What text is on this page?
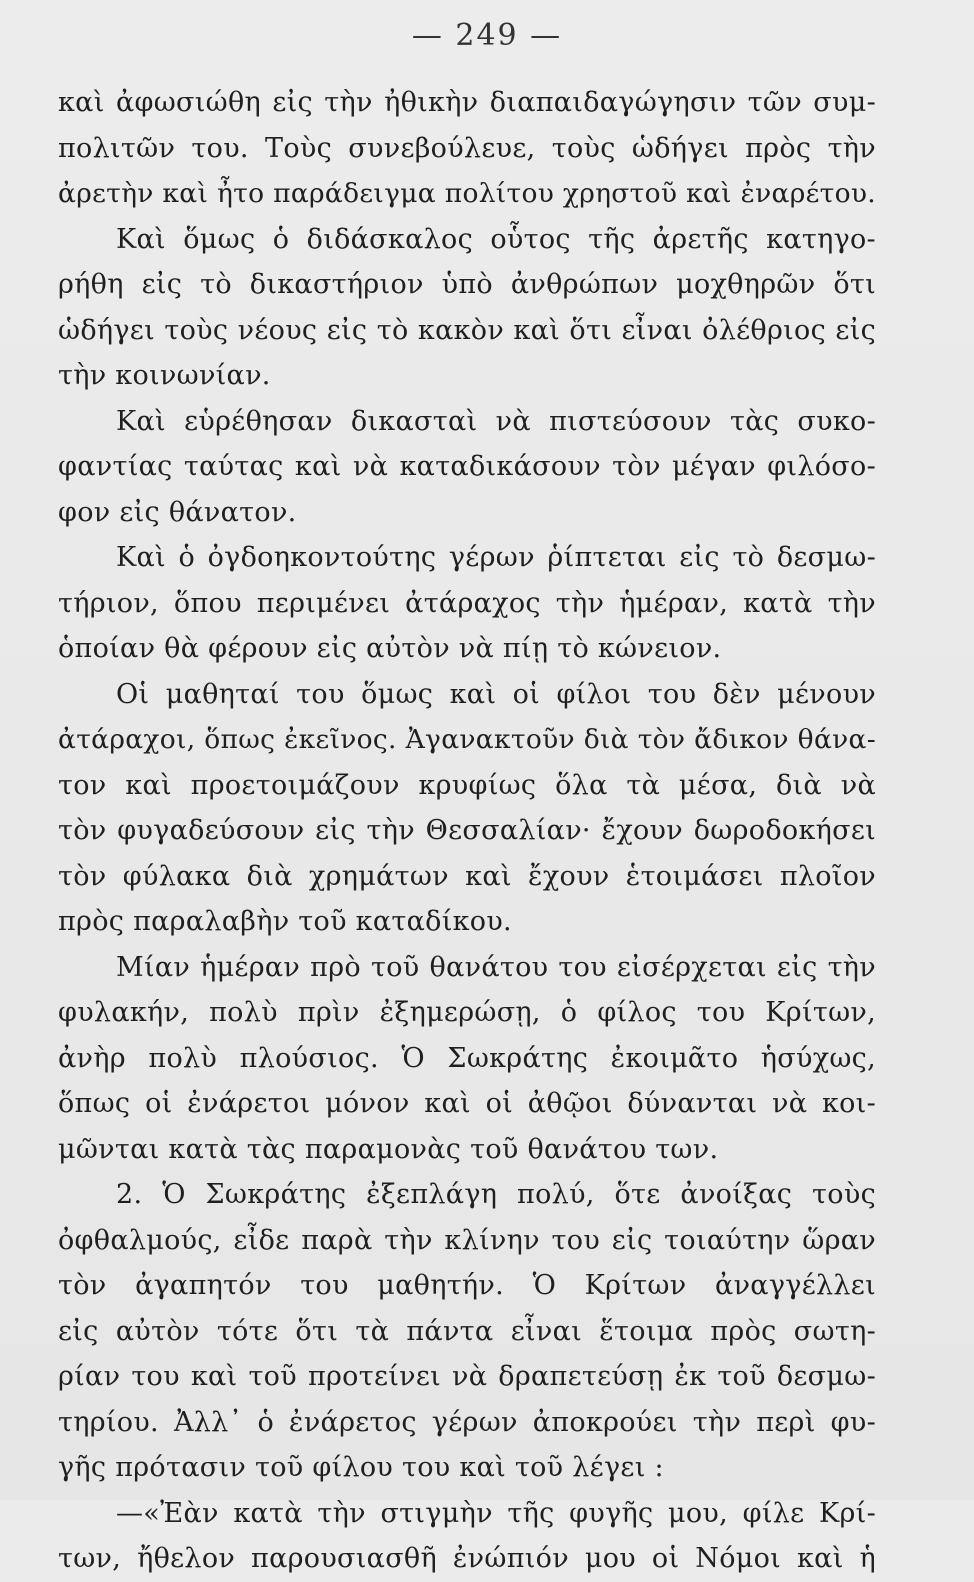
— 249 —
καὶ ἀφωσιώθη εἰς τὴν ἠθικὴν διαπαιδαγώγησιν τῶν συμ-
πολιτῶν του. Τοὺς συνεβούλευε, τοὺς ὡδήγει πρὸς τὴν
ἀρετὴν καὶ ἦτο παράδειγμα πολίτου χρηστοῦ καὶ ἐναρέτου.
Καὶ ὅμως ὁ διδάσκαλος οὗτος τῆς ἀρετῆς κατηγο-
ρήθη εἰς τὸ δικαστήριον ὑπὸ ἀνθρώπων μοχθηρῶν ὅτι
ὡδήγει τοὺς νέους εἰς τὸ κακὸν καὶ ὅτι εἶναι ὀλέθριος εἰς
τὴν κοινωνίαν.
Καὶ εὑρέθησαν δικασταὶ νὰ πιστεύσουν τὰς συκο-
φαντίας ταύτας καὶ νὰ καταδικάσουν τὸν μέγαν φιλόσο-
φον εἰς θάνατον.
Καὶ ὁ ὀγδοηκοντούτης γέρων ῥίπτεται εἰς τὸ δεσμω-
τήριον, ὅπου περιμένει ἀτάραχος τὴν ἡμέραν, κατὰ τὴν
ὁποίαν θὰ φέρουν εἰς αὐτὸν νὰ πίῃ τὸ κώνειον.
Οἱ μαθηταί του ὅμως καὶ οἱ φίλοι του δὲν μένουν
ἀτάραχοι, ὅπως ἐκεῖνος. Ἀγανακτοῦν διὰ τὸν ἄδικον θάνα-
τον καὶ προετοιμάζουν κρυφίως ὅλα τὰ μέσα, διὰ νὰ
τὸν φυγαδεύσουν εἰς τὴν Θεσσαλίαν· ἔχουν δωροδοκήσει
τὸν φύλακα διὰ χρημάτων καὶ ἔχουν ἑτοιμάσει πλοῖον
πρὸς παραλαβὴν τοῦ καταδίκου.
Μίαν ἡμέραν πρὸ τοῦ θανάτου του εἰσέρχεται εἰς τὴν
φυλακήν, πολὺ πρὶν ἐξημερώσῃ, ὁ φίλος του Κρίτων,
ἀνὴρ πολὺ πλούσιος. Ὁ Σωκράτης ἐκοιμᾶτο ἡσύχως,
ὅπως οἱ ἐνάρετοι μόνον καὶ οἱ ἀθῷοι δύνανται νὰ κοι-
μῶνται κατὰ τὰς παραμονὰς τοῦ θανάτου των.
2. Ὁ Σωκράτης ἐξεπλάγη πολύ, ὅτε ἀνοίξας τοὺς
ὀφθαλμούς, εἶδε παρὰ τὴν κλίνην του εἰς τοιαύτην ὥραν
τὸν ἀγαπητόν του μαθητήν. Ὁ Κρίτων ἀναγγέλλει
εἰς αὐτὸν τότε ὅτι τὰ πάντα εἶναι ἕτοιμα πρὸς σωτη-
ρίαν του καὶ τοῦ προτείνει νὰ δραπετεύσῃ ἐκ τοῦ δεσμω-
τηρίου. Ἀλλ᾽ ὁ ἐνάρετος γέρων ἀποκρούει τὴν περὶ φυ-
γῆς πρότασιν τοῦ φίλου του καὶ τοῦ λέγει :
—«Ἐὰν κατὰ τὴν στιγμὴν τῆς φυγῆς μου, φίλε Κρί-
των, ἤθελον παρουσιασθῆ ἐνώπιόν μου οἱ Νόμοι καὶ ἡ
